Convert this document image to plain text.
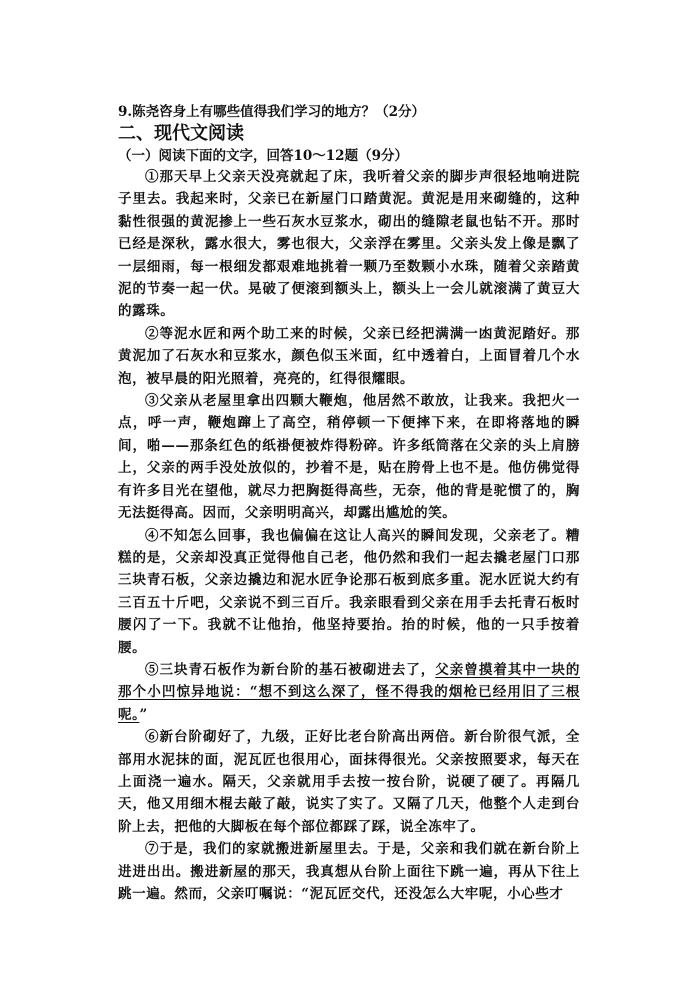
9.陈尧咨身上有哪些值得我们学习的地方？（2分）

二、现代文阅读

（一）阅读下面的文字，回答10～12题（9分）

①那天早上父亲天没亮就起了床，我听着父亲的脚步声很轻地响进院子里去。我起来时，父亲已在新屋门口踏黄泥。黄泥是用来砌缝的，这种黏性很强的黄泥掺上一些石灰水豆浆水，砌出的缝隙老鼠也钻不开。那时已经是深秋，露水很大，雾也很大，父亲浮在雾里。父亲头发上像是飘了一层细雨，每一根细发都艰难地挑着一颗乃至数颗小水珠，随着父亲踏黄泥的节奏一起一伏。晃破了便滚到额头上，额头上一会儿就滚满了黄豆大的露珠。

②等泥水匠和两个助工来的时候，父亲已经把满满一凼黄泥踏好。那黄泥加了石灰水和豆浆水，颜色似玉米面，红中透着白，上面冒着几个水泡，被早晨的阳光照着，亮亮的，红得很耀眼。

③父亲从老屋里拿出四颗大鞭炮，他居然不敢放，让我来。我把火一点，呼一声，鞭炮蹿上了高空，稍停顿一下便摔下来，在即将落地的瞬间，啪——那条红色的纸褂便被炸得粉碎。许多纸筒落在父亲的头上肩膀上，父亲的两手没处放似的，抄着不是，贴在胯骨上也不是。他仿佛觉得有许多目光在望他，就尽力把胸挺得高些，无奈，他的背是驼惯了的，胸无法挺得高。因而，父亲明明高兴，却露出尴尬的笑。

④不知怎么回事，我也偏偏在这让人高兴的瞬间发现，父亲老了。糟糕的是，父亲却没真正觉得他自己老，他仍然和我们一起去撬老屋门口那三块青石板，父亲边撬边和泥水匠争论那石板到底多重。泥水匠说大约有三百五十斤吧，父亲说不到三百斤。我亲眼看到父亲在用手去托青石板时腰闪了一下。我就不让他抬，他坚持要抬。抬的时候，他的一只手按着腰。

⑤三块青石板作为新台阶的基石被砌进去了，父亲曾摸着其中一块的那个小凹惊异地说：“想不到这么深了，怪不得我的烟枪已经用旧了三根呢。”

⑥新台阶砌好了，九级，正好比老台阶高出两倍。新台阶很气派，全部用水泥抹的面，泥瓦匠也很用心，面抹得很光。父亲按照要求，每天在上面浇一遍水。隔天，父亲就用手去按一按台阶，说硬了硬了。再隔几天，他又用细木棍去敲了敲，说实了实了。又隔了几天，他整个人走到台阶上去，把他的大脚板在每个部位都踩了踩，说全冻牢了。

⑦于是，我们的家就搬进新屋里去。于是，父亲和我们就在新台阶上进进出出。搬进新屋的那天，我真想从台阶上面往下跳一遍，再从下往上跳一遍。然而，父亲叮嘱说：“泥瓦匠交代，还没怎么大牢呢，小心些才
